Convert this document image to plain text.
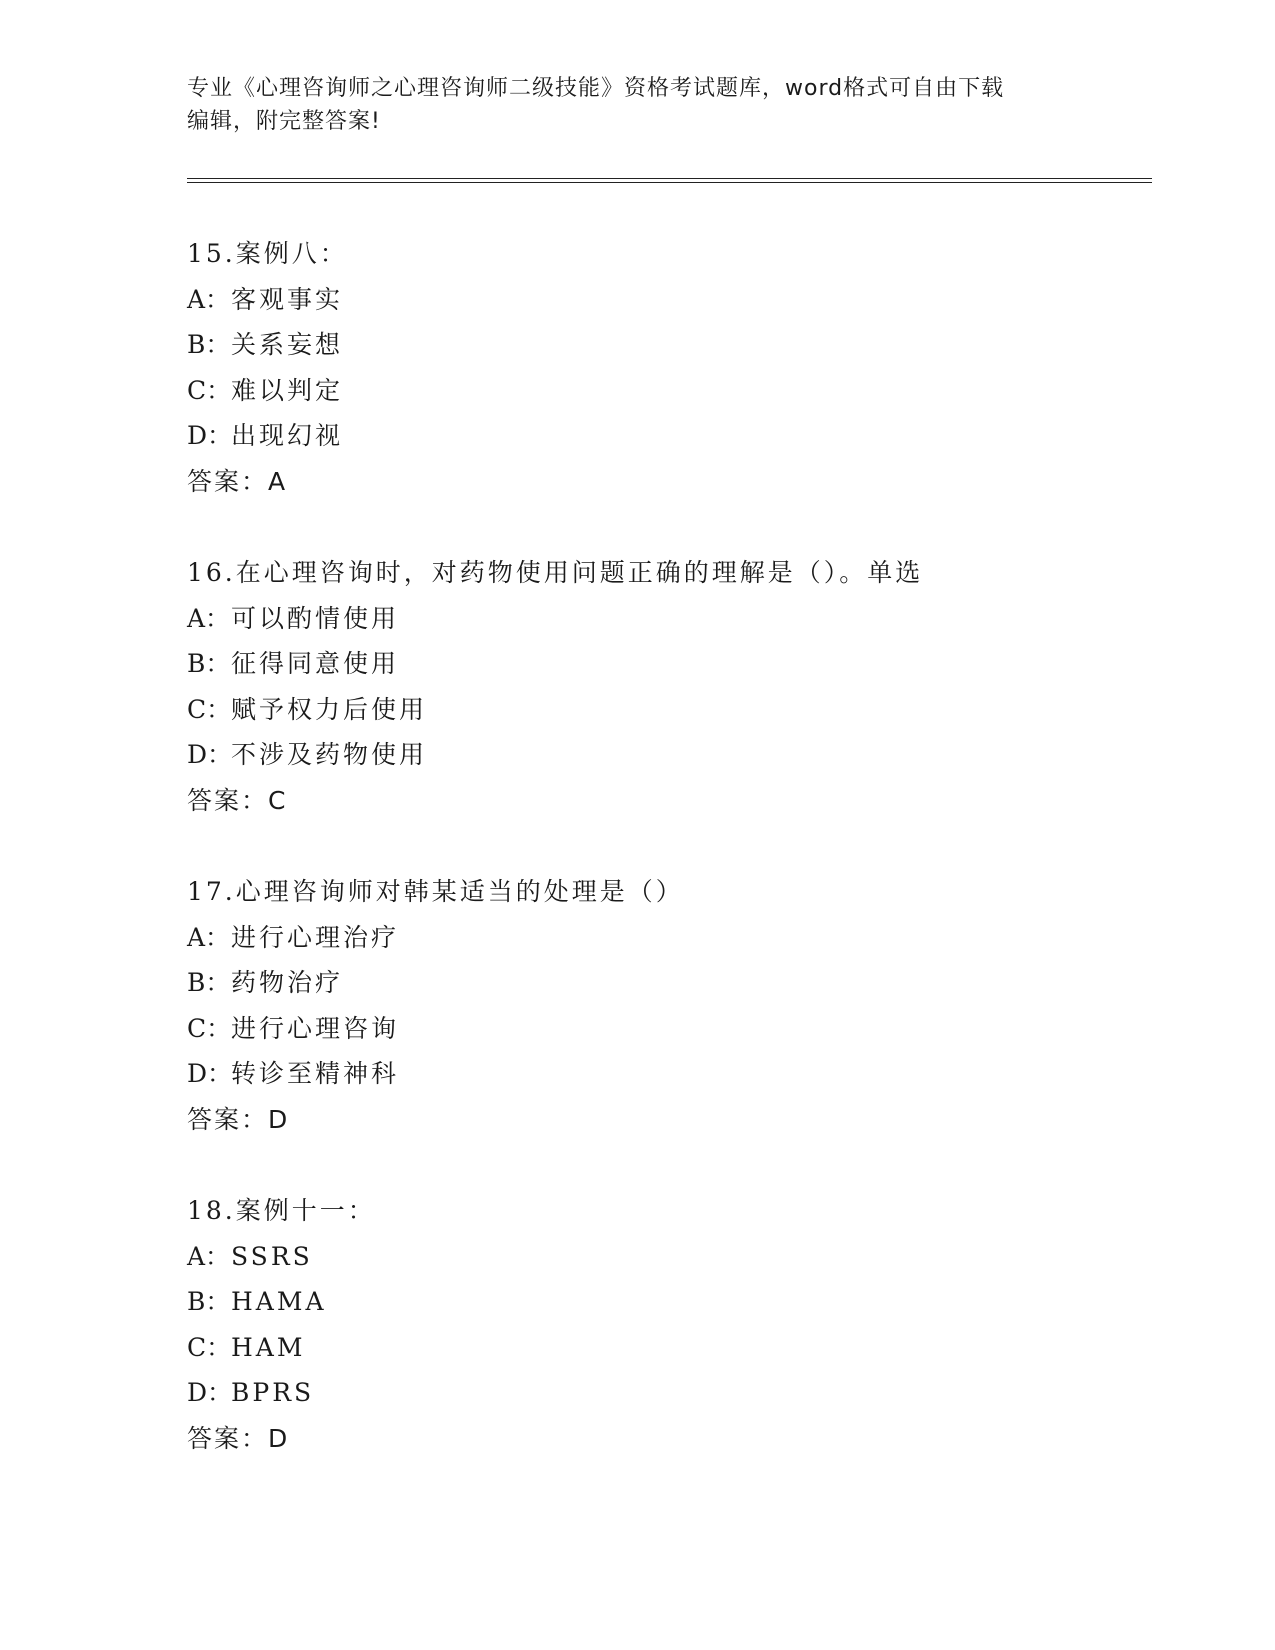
专业《心理咨询师之心理咨询师二级技能》资格考试题库，word格式可自由下载
编辑，附完整答案!
15.案例八：
A：客观事实
B：关系妄想
C：难以判定
D：出现幻视
答案：A
16.在心理咨询时，对药物使用问题正确的理解是（）。单选
A：可以酌情使用
B：征得同意使用
C：赋予权力后使用
D：不涉及药物使用
答案：C
17.心理咨询师对韩某适当的处理是（）
A：进行心理治疗
B：药物治疗
C：进行心理咨询
D：转诊至精神科
答案：D
18.案例十一：
A：SSRS
B：HAMA
C：HAM
D：BPRS
答案：D
